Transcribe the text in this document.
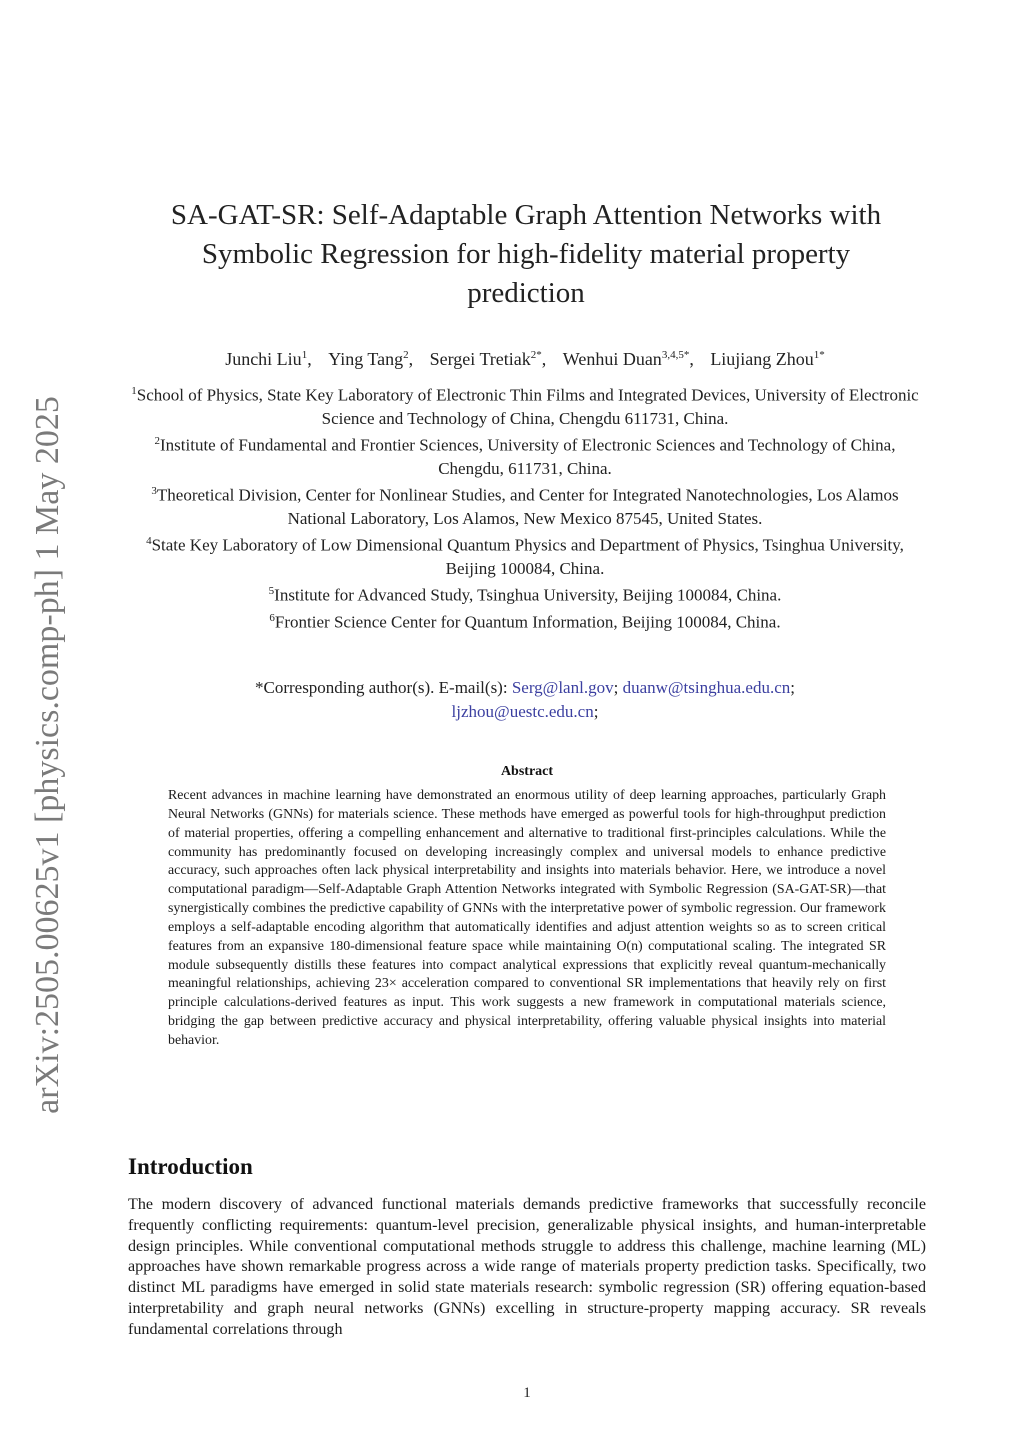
arXiv:2505.00625v1 [physics.comp-ph] 1 May 2025
SA-GAT-SR: Self-Adaptable Graph Attention Networks with Symbolic Regression for high-fidelity material property prediction
Junchi Liu$^1$, Ying Tang$^2$, Sergei Tretiak$^{2*}$, Wenhui Duan$^{3,4,5*}$, Liujiang Zhou$^{1*}$

$^1$School of Physics, State Key Laboratory of Electronic Thin Films and Integrated Devices, University of Electronic Science and Technology of China, Chengdu 611731, China.

$^2$Institute of Fundamental and Frontier Sciences, University of Electronic Sciences and Technology of China, Chengdu, 611731, China.

$^3$Theoretical Division, Center for Nonlinear Studies, and Center for Integrated Nanotechnologies, Los Alamos National Laboratory, Los Alamos, New Mexico 87545, United States.

$^4$State Key Laboratory of Low Dimensional Quantum Physics and Department of Physics, Tsinghua University, Beijing 100084, China.

$^5$Institute for Advanced Study, Tsinghua University, Beijing 100084, China.

$^6$Frontier Science Center for Quantum Information, Beijing 100084, China.

*Corresponding author(s). E-mail(s): Serg@lanl.gov; duanw@tsinghua.edu.cn;
ljzhou@uestc.edu.cn;
Abstract
Recent advances in machine learning have demonstrated an enormous utility of deep learning approaches, particularly Graph Neural Networks (GNNs) for materials science. These methods have emerged as powerful tools for high-throughput prediction of material properties, offering a compelling enhancement and alternative to traditional first-principles calculations. While the community has predominantly focused on developing increasingly complex and universal models to enhance predictive accuracy, such approaches often lack physical interpretability and insights into materials behavior. Here, we introduce a novel computational paradigm—Self-Adaptable Graph Attention Networks integrated with Symbolic Regression (SA-GAT-SR)—that synergistically combines the predictive capability of GNNs with the interpretative power of symbolic regression. Our framework employs a self-adaptable encoding algorithm that automatically identifies and adjust attention weights so as to screen critical features from an expansive 180-dimensional feature space while maintaining O(n) computational scaling. The integrated SR module subsequently distills these features into compact analytical expressions that explicitly reveal quantum-mechanically meaningful relationships, achieving 23× acceleration compared to conventional SR implementations that heavily rely on first principle calculations-derived features as input. This work suggests a new framework in computational materials science, bridging the gap between predictive accuracy and physical interpretability, offering valuable physical insights into material behavior.
Introduction
The modern discovery of advanced functional materials demands predictive frameworks that successfully reconcile frequently conflicting requirements: quantum-level precision, generalizable physical insights, and human-interpretable design principles. While conventional computational methods struggle to address this challenge, machine learning (ML) approaches have shown remarkable progress across a wide range of materials property prediction tasks. Specifically, two distinct ML paradigms have emerged in solid state materials research: symbolic regression (SR) offering equation-based interpretability and graph neural networks (GNNs) excelling in structure-property mapping accuracy. SR reveals fundamental correlations through
1
